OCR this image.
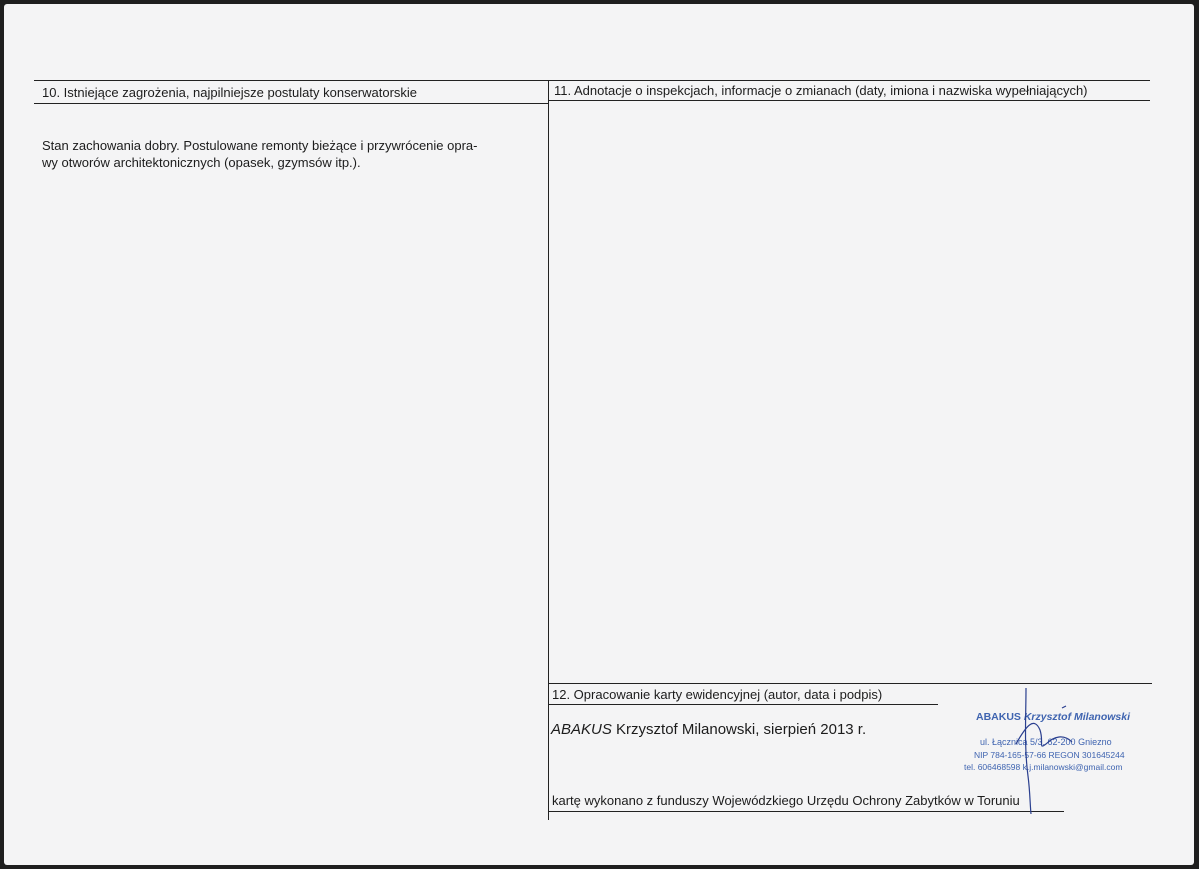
10. Istniejące zagrożenia, najpilniejsze postulaty konserwatorskie
Stan zachowania dobry. Postulowane remonty bieżące i przywrócenie opra-
wy otworów architektonicznych (opasek, gzymsów itp.).
11. Adnotacje o inspekcjach, informacje o zmianach (daty, imiona i nazwiska wypełniających)
12. Opracowanie karty ewidencyjnej (autor, data i podpis)
ABAKUS Krzysztof Milanowski, sierpień 2013 r.
kartę wykonano z funduszy Wojewódzkiego Urzędu Ochrony Zabytków w Toruniu
ABAKUS Krzysztof Milanowski
ul. Łącznica 5/3, 62-200 Gniezno
NIP 784-165-57-66 REGON 301645244
tel. 606468598 k.j.milanowski@gmail.com
